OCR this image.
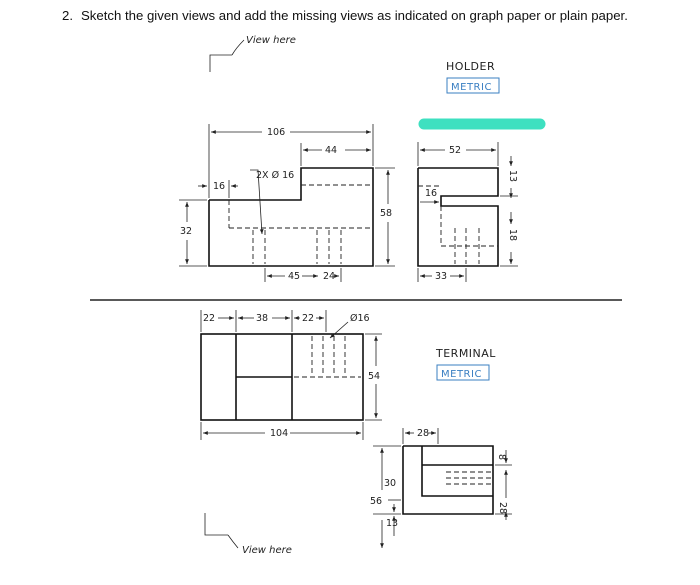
2. Sketch the given views and add the missing views as indicated on graph paper or plain paper.
View here
HOLDER
METRIC
106
44
2X Ø 16
16
58
32
45 24
52
13
16
18
33
TERMINAL
METRIC
22	38	22	Ø16
54
104	28
8
28
30
56
13
View here
